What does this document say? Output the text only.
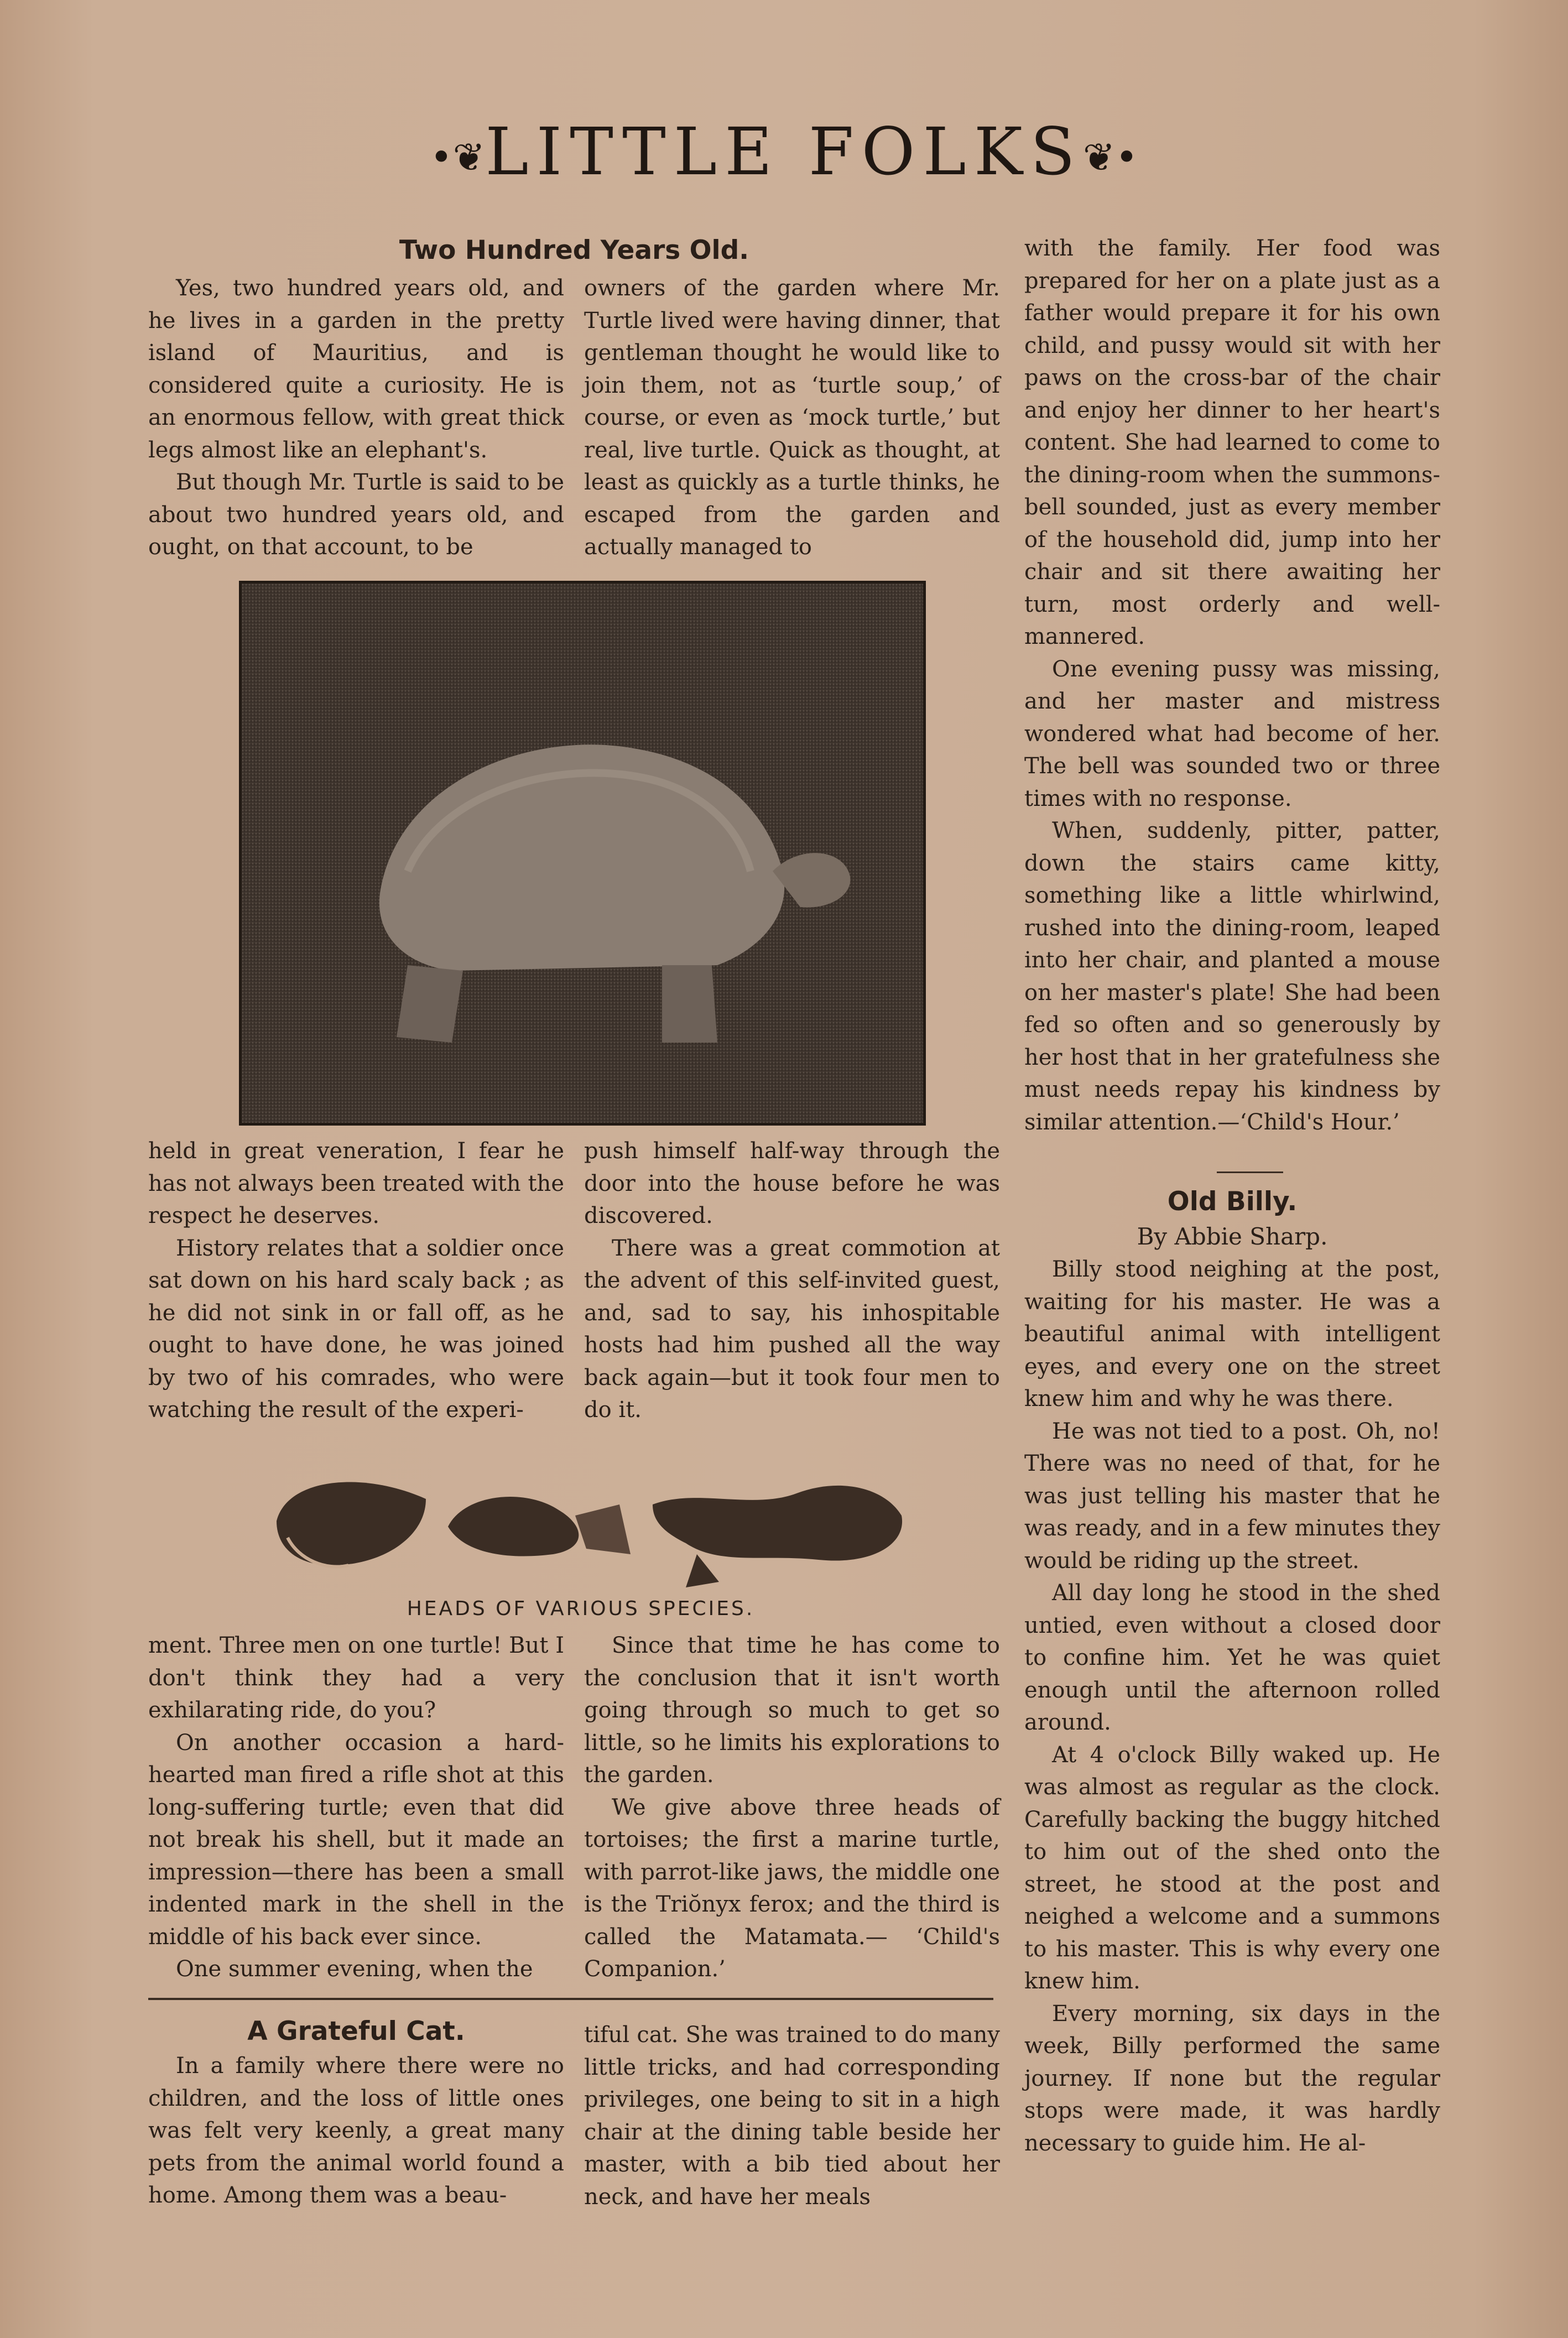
•❦LITTLE FOLKS❦•

Two Hundred Years Old.

Yes, two hundred years old, and he lives in a garden in the pretty island of Mauritius, and is considered quite a curiosity. He is an enormous fellow, with great thick legs almost like an elephant's.

But though Mr. Turtle is said to be about two hundred years old, and ought, on that account, to be

owners of the garden where Mr. Turtle lived were having dinner, that gentleman thought he would like to join them, not as ‘turtle soup,’ of course, or even as ‘mock turtle,’ but real, live turtle. Quick as thought, at least as quickly as a turtle thinks, he escaped from the garden and actually managed to

held in great veneration, I fear he has not always been treated with the respect he deserves.

History relates that a soldier once sat down on his hard scaly back ; as he did not sink in or fall off, as he ought to have done, he was joined by two of his comrades, who were watching the result of the experi-

push himself half-way through the door into the house before he was discovered.

There was a great commotion at the advent of this self-invited guest, and, sad to say, his inhospitable hosts had him pushed all the way back again—but it took four men to do it.

HEADS OF VARIOUS SPECIES.

ment. Three men on one turtle! But I don't think they had a very exhilarating ride, do you?

On another occasion a hard-hearted man fired a rifle shot at this long-suffering turtle; even that did not break his shell, but it made an impression—there has been a small indented mark in the shell in the middle of his back ever since.

One summer evening, when the

Since that time he has come to the conclusion that it isn't worth going through so much to get so little, so he limits his explorations to the garden.

We give above three heads of tortoises; the first a marine turtle, with parrot-like jaws, the middle one is the Triŏnyx ferox; and the third is called the Matamata.— ‘Child's Companion.’

A Grateful Cat.

In a family where there were no children, and the loss of little ones was felt very keenly, a great many pets from the animal world found a home. Among them was a beau-

tiful cat. She was trained to do many little tricks, and had corresponding privileges, one being to sit in a high chair at the dining table beside her master, with a bib tied about her neck, and have her meals

with the family. Her food was prepared for her on a plate just as a father would prepare it for his own child, and pussy would sit with her paws on the cross-bar of the chair and enjoy her dinner to her heart's content. She had learned to come to the dining-room when the summons-bell sounded, just as every member of the household did, jump into her chair and sit there awaiting her turn, most orderly and well-mannered.

One evening pussy was missing, and her master and mistress wondered what had become of her. The bell was sounded two or three times with no response.

When, suddenly, pitter, patter, down the stairs came kitty, something like a little whirlwind, rushed into the dining-room, leaped into her chair, and planted a mouse on her master's plate! She had been fed so often and so generously by her host that in her gratefulness she must needs repay his kindness by similar attention.—‘Child's Hour.’

Old Billy.

By Abbie Sharp.

Billy stood neighing at the post, waiting for his master. He was a beautiful animal with intelligent eyes, and every one on the street knew him and why he was there.

He was not tied to a post. Oh, no! There was no need of that, for he was just telling his master that he was ready, and in a few minutes they would be riding up the street.

All day long he stood in the shed untied, even without a closed door to confine him. Yet he was quiet enough until the afternoon rolled around.

At 4 o'clock Billy waked up. He was almost as regular as the clock. Carefully backing the buggy hitched to him out of the shed onto the street, he stood at the post and neighed a welcome and a summons to his master. This is why every one knew him.

Every morning, six days in the week, Billy performed the same journey. If none but the regular stops were made, it was hardly necessary to guide him. He al-
